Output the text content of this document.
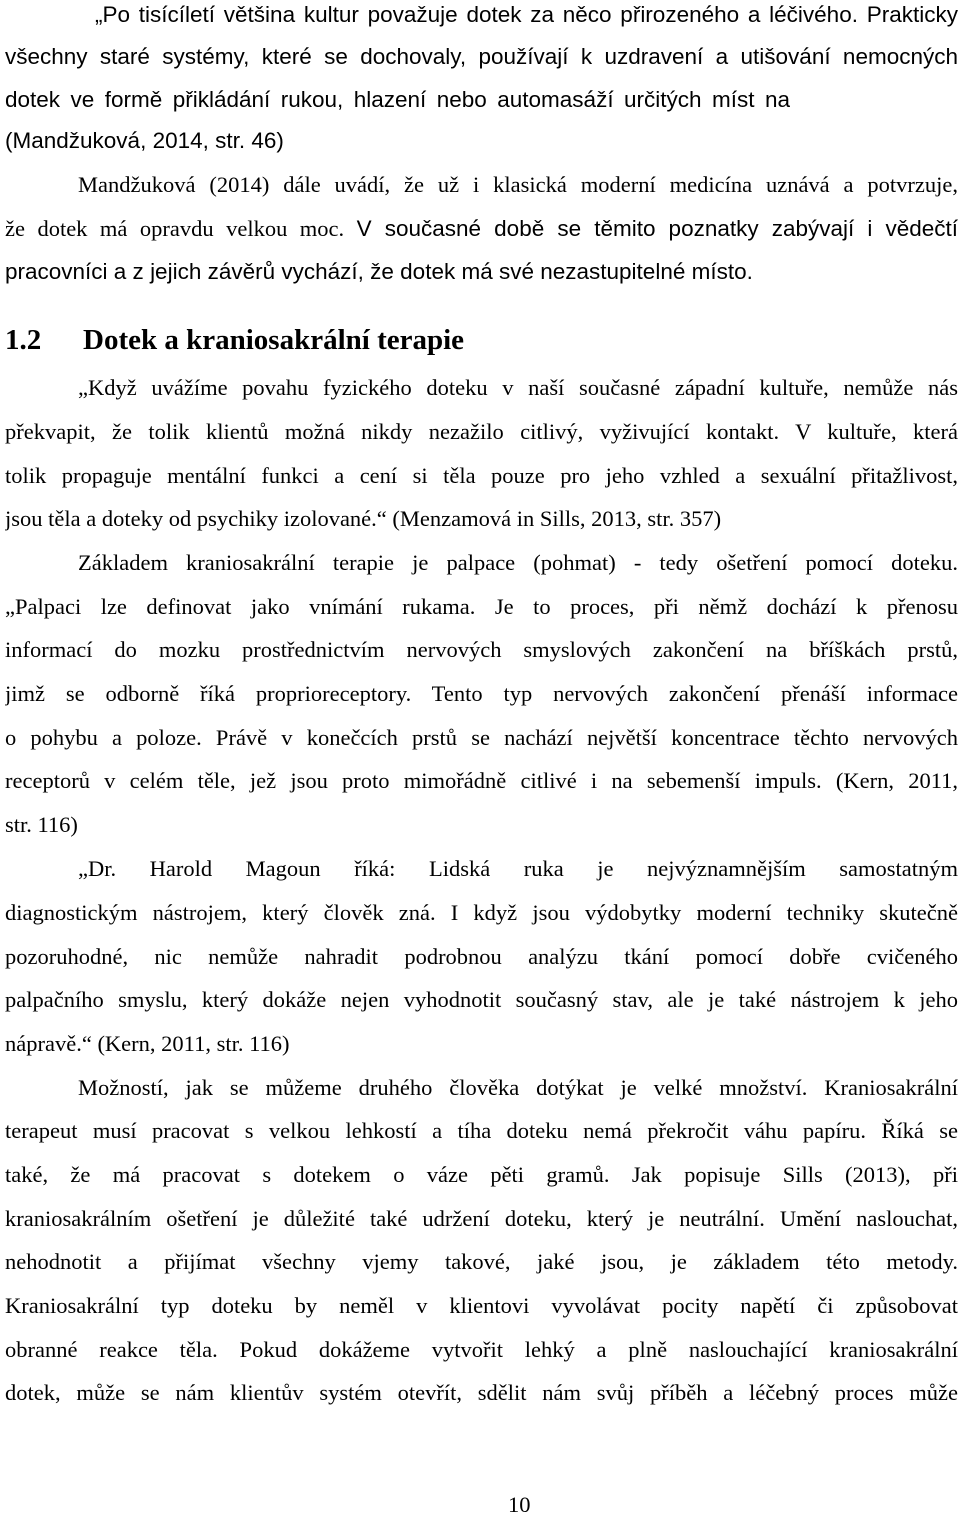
„Po tisícíletí většina kultur považuje dotek za něco přirozeného a léčivého. Prakticky
všechny staré systémy, které se dochovaly, používají k uzdravení a utišování nemocných
dotek ve formě přikládání rukou, hlazení nebo automasáží určitých míst na
(Mandžuková, 2014, str. 46)
Mandžuková (2014) dále uvádí, že už i klasická moderní medicína uznává a potvrzuje,
že dotek má opravdu velkou moc. V současné době se těmito poznatky zabývají i vědečtí
pracovníci a z jejich závěrů vychází, že dotek má své nezastupitelné místo.
1.2 Dotek a kraniosakrální terapie
„Když uvážíme povahu fyzického doteku v naší současné západní kultuře, nemůže nás
překvapit, že tolik klientů možná nikdy nezažilo citlivý, vyživující kontakt. V kultuře, která
tolik propaguje mentální funkci a cení si těla pouze pro jeho vzhled a sexuální přitažlivost,
jsou těla a doteky od psychiky izolované.“ (Menzamová in Sills, 2013, str. 357)
Základem kraniosakrální terapie je palpace (pohmat) - tedy ošetření pomocí doteku.
„Palpaci lze definovat jako vnímání rukama. Je to proces, při němž dochází k přenosu
informací do mozku prostřednictvím nervových smyslových zakončení na bříškách prstů,
jimž se odborně říká proprioreceptory. Tento typ nervových zakončení přenáší informace
o pohybu a poloze. Právě v konečcích prstů se nachází největší koncentrace těchto nervových
receptorů v celém těle, jež jsou proto mimořádně citlivé i na sebemenší impuls. (Kern, 2011,
str. 116)
„Dr. Harold Magoun říká: Lidská ruka je nejvýznamnějším samostatným
diagnostickým nástrojem, který člověk zná. I když jsou výdobytky moderní techniky skutečně
pozoruhodné, nic nemůže nahradit podrobnou analýzu tkání pomocí dobře cvičeného
palpačního smyslu, který dokáže nejen vyhodnotit současný stav, ale je také nástrojem k jeho
nápravě.“ (Kern, 2011, str. 116)
Možností, jak se můžeme druhého člověka dotýkat je velké množství. Kraniosakrální
terapeut musí pracovat s velkou lehkostí a tíha doteku nemá překročit váhu papíru. Říká se
také, že má pracovat s dotekem o váze pěti gramů. Jak popisuje Sills (2013), při
kraniosakrálním ošetření je důležité také udržení doteku, který je neutrální. Umění naslouchat,
nehodnotit a přijímat všechny vjemy takové, jaké jsou, je základem této metody.
Kraniosakrální typ doteku by neměl v klientovi vyvolávat pocity napětí či způsobovat
obranné reakce těla. Pokud dokážeme vytvořit lehký a plně naslouchající kraniosakrální
dotek, může se nám klientův systém otevřít, sdělit nám svůj příběh a léčebný proces může
10
